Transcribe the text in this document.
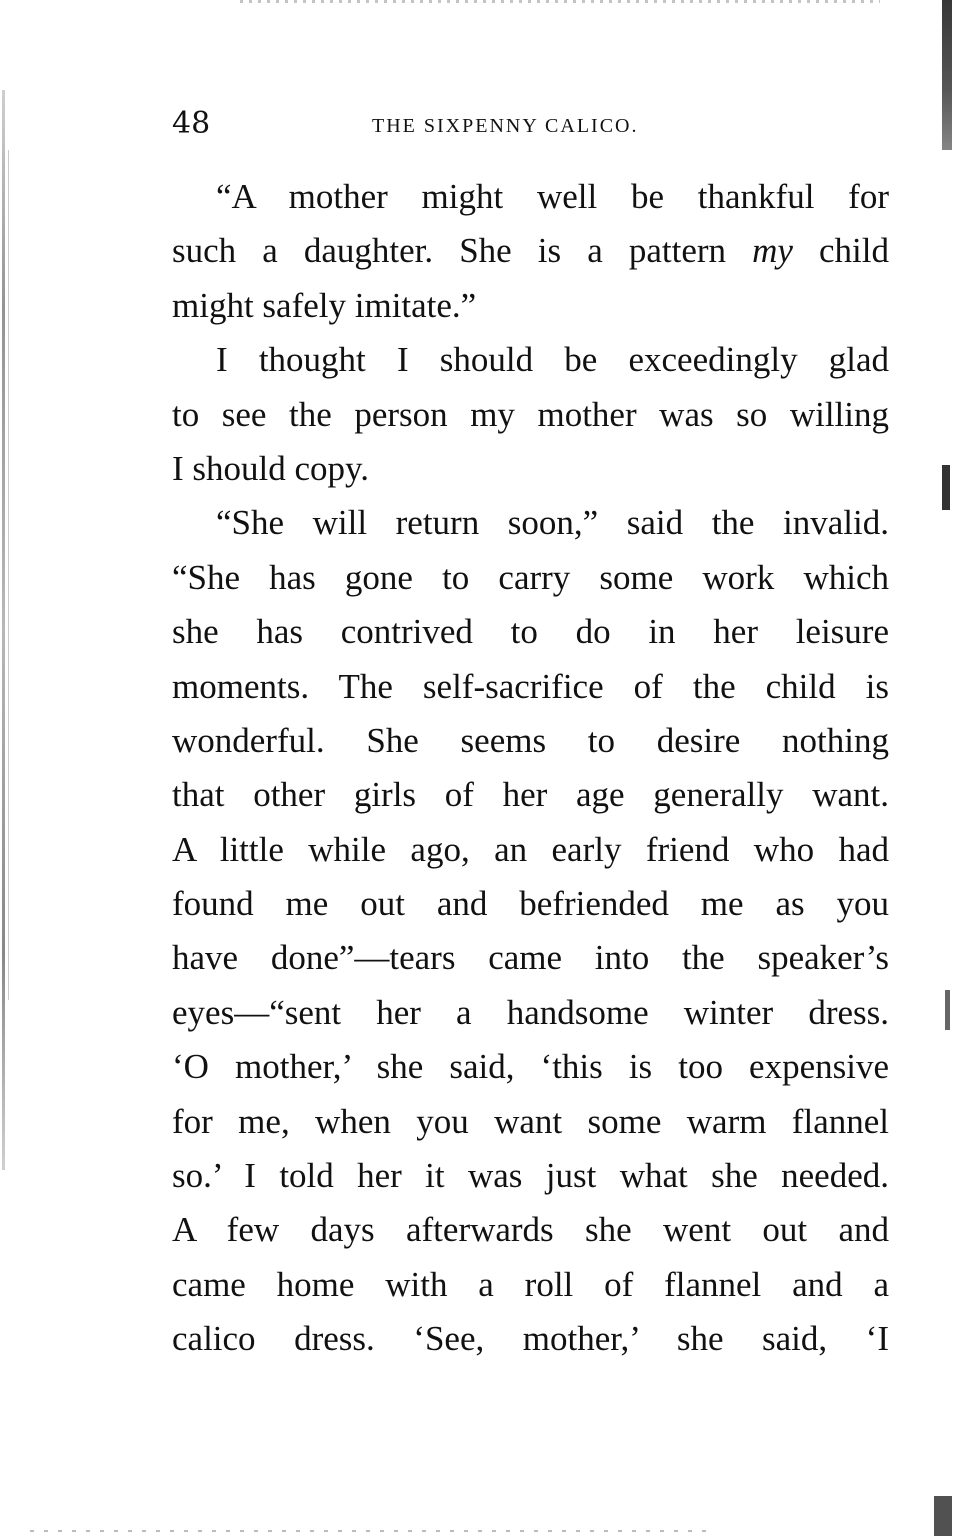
48	THE SIXPENNY CALICO.
“A mother might well be thankful for
such a daughter. She is a pattern my child
might safely imitate.”
I thought I should be exceedingly glad
to see the person my mother was so willing
I should copy.
“She will return soon,” said the invalid.
“She has gone to carry some work which
she has contrived to do in her leisure
moments. The self-sacrifice of the child is
wonderful. She seems to desire nothing
that other girls of her age generally want.
A little while ago, an early friend who had
found me out and befriended me as you
have done”—tears came into the speaker’s
eyes—“sent her a handsome winter dress.
‘O mother,’ she said, ‘this is too expensive
for me, when you want some warm flannel
so.’ I told her it was just what she needed.
A few days afterwards she went out and
came home with a roll of flannel and a
calico dress. ‘See, mother,’ she said, ‘I
